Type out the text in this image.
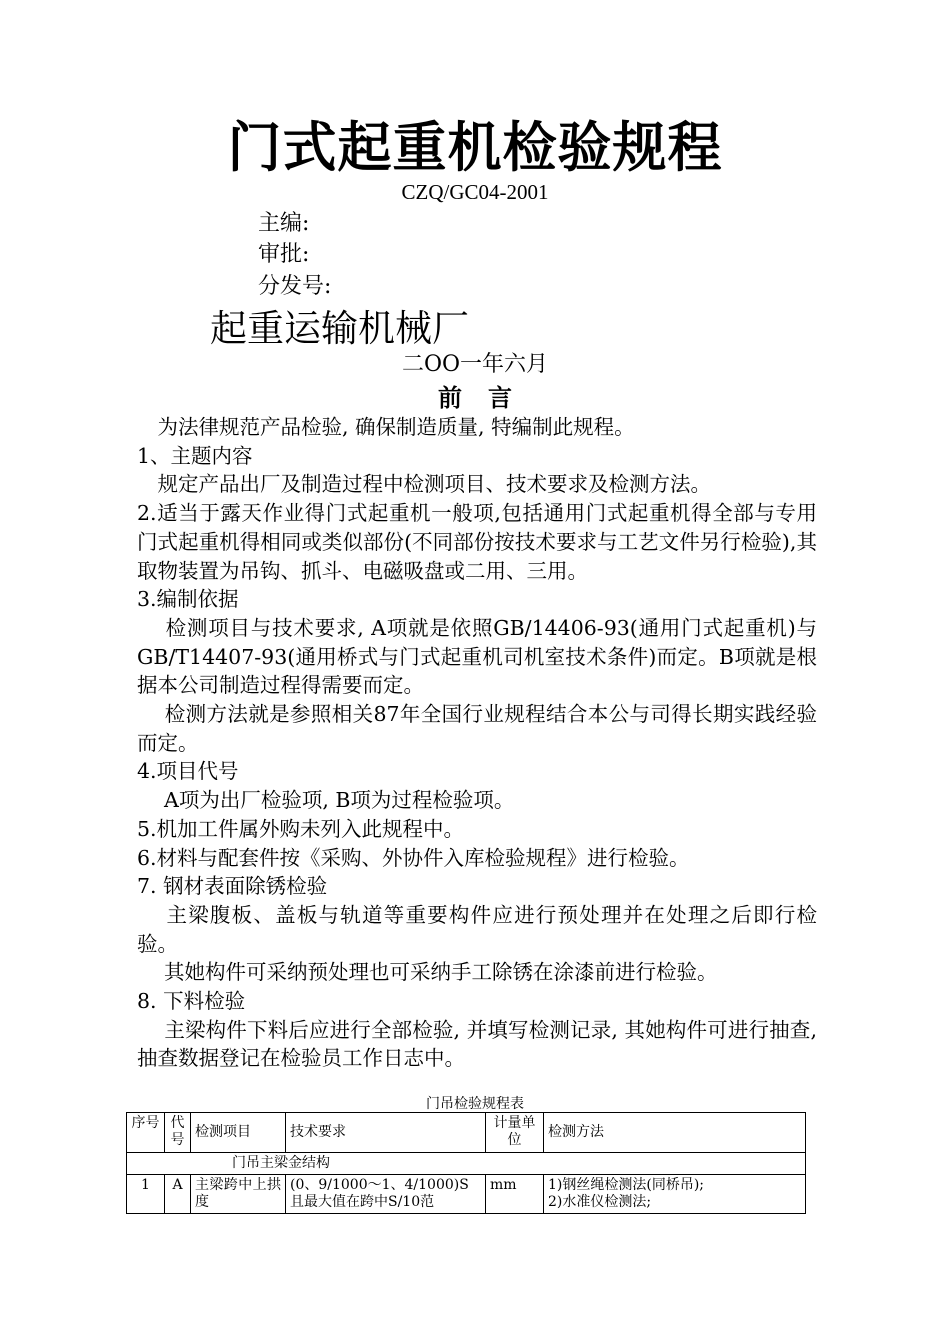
门式起重机检验规程
CZQ/GC04-2001
主编:
审批:
分发号:
起重运输机械厂
二OO一年六月
前言

　为法律规范产品检验, 确保制造质量, 特编制此规程。

1、主题内容

　规定产品出厂及制造过程中检测项目、技术要求及检测方法。

2.适当于露天作业得门式起重机一般项,包括通用门式起重机得全部与专用门式起重机得相同或类似部份(不同部份按技术要求与工艺文件另行检验),其取物装置为吊钩、抓斗、电磁吸盘或二用、三用。

3.编制依据

　 检测项目与技术要求, A项就是依照GB/14406-93(通用门式起重机)与GB/T14407-93(通用桥式与门式起重机司机室技术条件)而定。B项就是根据本公司制造过程得需要而定。

　 检测方法就是参照相关87年全国行业规程结合本公与司得长期实践经验而定。

4.项目代号

　 A项为出厂检验项, B项为过程检验项。

5.机加工件属外购未列入此规程中。

6.材料与配套件按《采购、外协件入库检验规程》进行检验。

7. 钢材表面除锈检验

　 主梁腹板、盖板与轨道等重要构件应进行预处理并在处理之后即行检验。

　 其她构件可采纳预处理也可采纳手工除锈在涂漆前进行检验。

8. 下料检验

　 主梁构件下料后应进行全部检验, 并填写检测记录, 其她构件可进行抽查, 抽查数据登记在检验员工作日志中。

门吊检验规程表
序号	代号	检测项目	技术要求	计量单位	检测方法
门吊主梁金结构					
1	A	主梁跨中上拱度	(0、9/1000～1、4/1000)S且最大值在跨中S/10范	mm	1)钢丝绳检测法(同桥吊);
2)水准仪检测法;
